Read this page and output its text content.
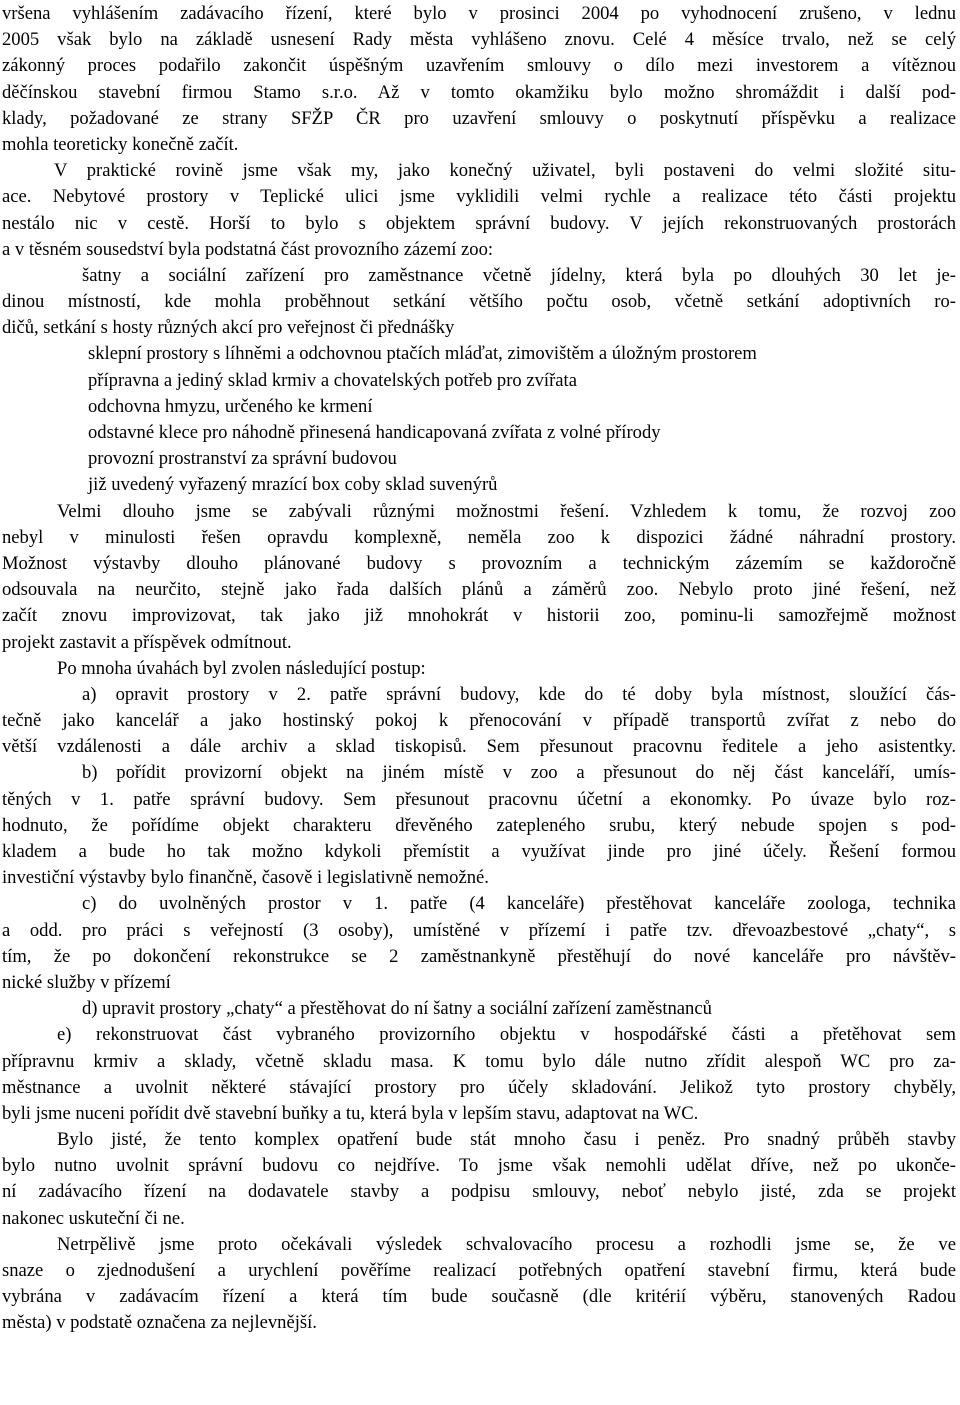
vršena vyhlášením zadávacího řízení, které bylo v prosinci 2004 po vyhodnocení zrušeno, v lednu
2005 však bylo na základě usnesení Rady města vyhlášeno znovu. Celé 4 měsíce trvalo, než se celý
zákonný proces podařilo zakončit úspěšným uzavřením smlouvy o dílo mezi investorem a vítěznou
děčínskou stavební firmou Stamo s.r.o. Až v tomto okamžiku bylo možno shromáždit i další pod-
klady, požadované ze strany SFŽP ČR pro uzavření smlouvy o poskytnutí příspěvku a realizace
mohla teoreticky konečně začít.
V praktické rovině jsme však my, jako konečný uživatel, byli postaveni do velmi složité situ-
ace. Nebytové prostory v Teplické ulici jsme vyklidili velmi rychle a realizace této části projektu
nestálo nic v cestě. Horší to bylo s objektem správní budovy. V jejích rekonstruovaných prostorách
a v těsném sousedství byla podstatná část provozního zázemí zoo:
šatny a sociální zařízení pro zaměstnance včetně jídelny, která byla po dlouhých 30 let je-
dinou místností, kde mohla proběhnout setkání většího počtu osob, včetně setkání adoptivních ro-
dičů, setkání s hosty různých akcí pro veřejnost či přednášky
sklepní prostory s líhněmi a odchovnou ptačích mláďat, zimovištěm a úložným prostorem
přípravna a jediný sklad krmiv a chovatelských potřeb pro zvířata
odchovna hmyzu, určeného ke krmení
odstavné klece pro náhodně přinesená handicapovaná zvířata z volné přírody
provozní prostranství za správní budovou
již uvedený vyřazený mrazící box coby sklad suvenýrů
Velmi dlouho jsme se zabývali různými možnostmi řešení. Vzhledem k tomu, že rozvoj zoo
nebyl v minulosti řešen opravdu komplexně, neměla zoo k dispozici žádné náhradní prostory.
Možnost výstavby dlouho plánované budovy s provozním a technickým zázemím se každoročně
odsouvala na neurčito, stejně jako řada dalších plánů a záměrů zoo. Nebylo proto jiné řešení, než
začít znovu improvizovat, tak jako již mnohokrát v historii zoo, pominu-li samozřejmě možnost
projekt zastavit a příspěvek odmítnout.
Po mnoha úvahách byl zvolen následující postup:
a) opravit prostory v 2. patře správní budovy, kde do té doby byla místnost, sloužící čás-
tečně jako kancelář a jako hostinský pokoj k přenocování v případě transportů zvířat z nebo do
větší vzdálenosti a dále archiv a sklad tiskopisů. Sem přesunout pracovnu ředitele a jeho asistentky.
b) pořídit provizorní objekt na jiném místě v zoo a přesunout do něj část kanceláří, umís-
těných v 1. patře správní budovy. Sem přesunout pracovnu účetní a ekonomky. Po úvaze bylo roz-
hodnuto, že pořídíme objekt charakteru dřevěného zatepleného srubu, který nebude spojen s pod-
kladem a bude ho tak možno kdykoli přemístit a využívat jinde pro jiné účely. Řešení formou
investiční výstavby bylo finančně, časově i legislativně nemožné.
c) do uvolněných prostor v 1. patře (4 kanceláře) přestěhovat kanceláře zoologa, technika
a odd. pro práci s veřejností (3 osoby), umístěné v přízemí i patře tzv. dřevoazbestové „chaty“, s
tím, že po dokončení rekonstrukce se 2 zaměstnankyně přestěhují do nové kanceláře pro návštěv-
nické služby v přízemí
d) upravit prostory „chaty“ a přestěhovat do ní šatny a sociální zařízení zaměstnanců
e) rekonstruovat část vybraného provizorního objektu v hospodářské části a přetěhovat sem
přípravnu krmiv a sklady, včetně skladu masa. K tomu bylo dále nutno zřídit alespoň WC pro za-
městnance a uvolnit některé stávající prostory pro účely skladování. Jelikož tyto prostory chyběly,
byli jsme nuceni pořídit dvě stavební buňky a tu, která byla v lepším stavu, adaptovat na WC.
Bylo jisté, že tento komplex opatření bude stát mnoho času i peněz. Pro snadný průběh stavby
bylo nutno uvolnit správní budovu co nejdříve. To jsme však nemohli udělat dříve, než po ukonče-
ní zadávacího řízení na dodavatele stavby a podpisu smlouvy, neboť nebylo jisté, zda se projekt
nakonec uskuteční či ne.
Netrpělivě jsme proto očekávali výsledek schvalovacího procesu a rozhodli jsme se, že ve
snaze o zjednodušení a urychlení pověříme realizací potřebných opatření stavební firmu, která bude
vybrána v zadávacím řízení a která tím bude současně (dle kritérií výběru, stanovených Radou
města) v podstatě označena za nejlevnější.
